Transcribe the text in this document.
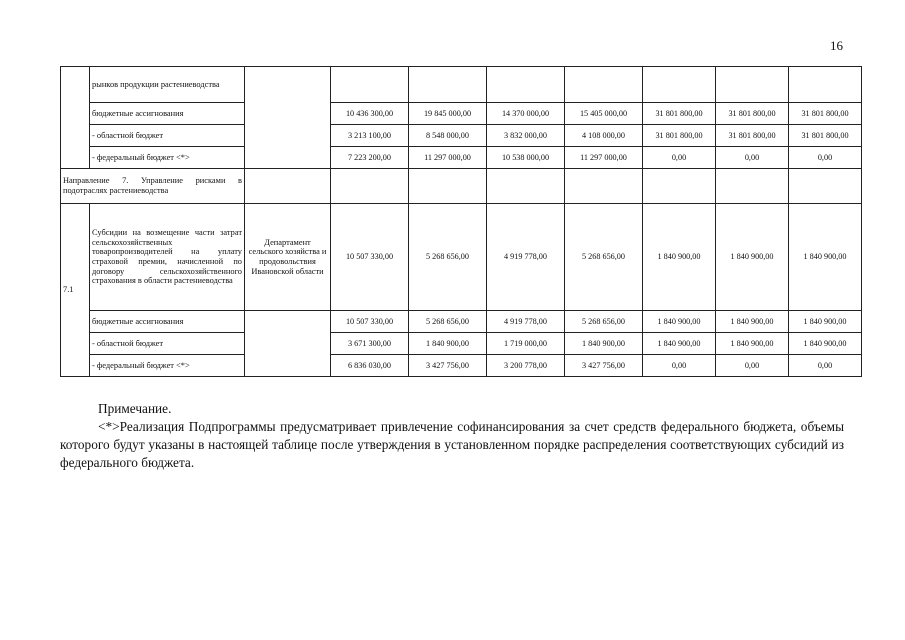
16
	рынков продукции растениеводства								
	бюджетные ассигнования		10 436 300,00	19 845 000,00	14 370 000,00	15 405 000,00	31 801 800,00	31 801 800,00	31 801 800,00
	- областной бюджет		3 213 100,00	8 548 000,00	3 832 000,00	4 108 000,00	31 801 800,00	31 801 800,00	31 801 800,00
	- федеральный бюджет <*>		7 223 200,00	11 297 000,00	10 538 000,00	11 297 000,00	0,00	0,00	0,00
Направление 7. Управление рисками в подотраслях растениеводства									
7.1	Субсидии на возмещение части затрат сельскохозяйственных товаропроизводителей на уплату страховой премии, начисленной по договору сельскохозяйственного страхования в области растениеводства	Департамент сельского хозяйства и продовольствия Ивановской области	10 507 330,00	5 268 656,00	4 919 778,00	5 268 656,00	1 840 900,00	1 840 900,00	1 840 900,00
	бюджетные ассигнования		10 507 330,00	5 268 656,00	4 919 778,00	5 268 656,00	1 840 900,00	1 840 900,00	1 840 900,00
	- областной бюджет		3 671 300,00	1 840 900,00	1 719 000,00	1 840 900,00	1 840 900,00	1 840 900,00	1 840 900,00
	- федеральный бюджет <*>		6 836 030,00	3 427 756,00	3 200 778,00	3 427 756,00	0,00	0,00	0,00
Примечание.
<*>Реализация Подпрограммы предусматривает привлечение софинансирования за счет средств федерального бюджета, объемы которого будут указаны в настоящей таблице после утверждения в установленном порядке распределения соответствующих субсидий из федерального бюджета.
